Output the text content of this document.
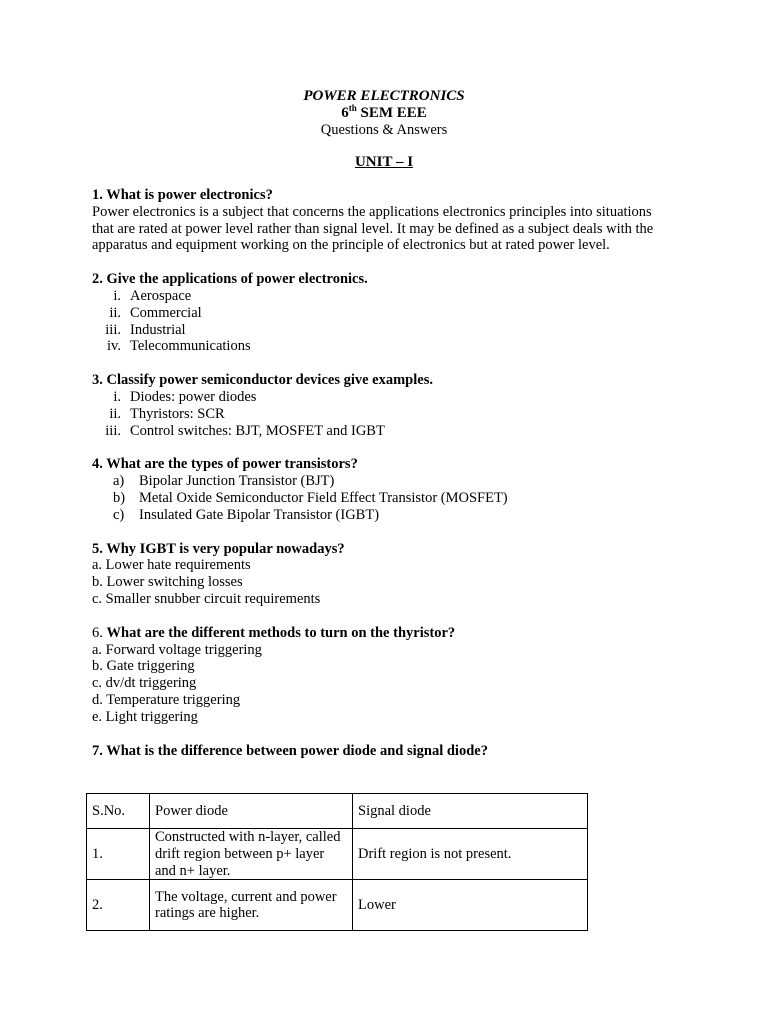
POWER ELECTRONICS
6th SEM EEE
Questions & Answers
UNIT – I
1. What is power electronics?

Power electronics is a subject that concerns the applications electronics principles into situations that are rated at power level rather than signal level. It may be defined as a subject deals with the apparatus and equipment working on the principle of electronics but at rated power level.

2. Give the applications of power electronics.
i. Aerospace
ii. Commercial
iii. Industrial
iv. Telecommunications
3. Classify power semiconductor devices give examples.
i. Diodes: power diodes
ii. Thyristors: SCR
iii. Control switches: BJT, MOSFET and IGBT
4. What are the types of power transistors?
a)	Bipolar Junction Transistor (BJT)
b) Metal Oxide Semiconductor Field Effect Transistor (MOSFET)
c)	Insulated Gate Bipolar Transistor (IGBT)
5. Why IGBT is very popular nowadays?
a. Lower hate requirements
b. Lower switching losses
c. Smaller snubber circuit requirements
6. What are the different methods to turn on the thyristor?
a. Forward voltage triggering
b. Gate triggering
c. dv/dt triggering
d. Temperature triggering
e. Light triggering
7. What is the difference between power diode and signal diode?
S.No.	Power diode	Signal diode
1.	Constructed with n-layer, called drift region between p+ layer and n+ layer.	Drift region is not present.
2.	The voltage, current and power ratings are higher.	Lower
